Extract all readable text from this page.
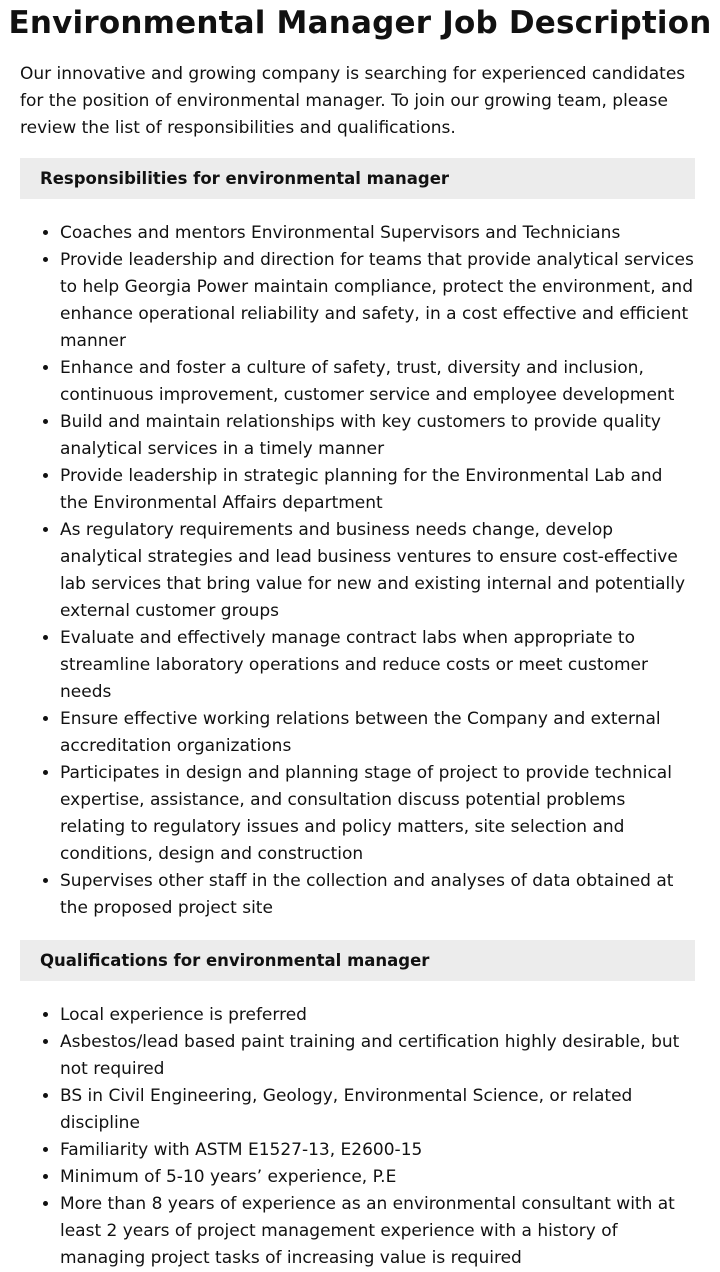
Environmental Manager Job Description

Our innovative and growing company is searching for experienced candidates for the position of environmental manager. To join our growing team, please review the list of responsibilities and qualifications.

Responsibilities for environmental manager
• Coaches and mentors Environmental Supervisors and Technicians
• Provide leadership and direction for teams that provide analytical services to help Georgia Power maintain compliance, protect the environment, and enhance operational reliability and safety, in a cost effective and efficient manner
• Enhance and foster a culture of safety, trust, diversity and inclusion, continuous improvement, customer service and employee development
• Build and maintain relationships with key customers to provide quality analytical services in a timely manner
• Provide leadership in strategic planning for the Environmental Lab and the Environmental Affairs department
• As regulatory requirements and business needs change, develop analytical strategies and lead business ventures to ensure cost-effective lab services that bring value for new and existing internal and potentially external customer groups
• Evaluate and effectively manage contract labs when appropriate to streamline laboratory operations and reduce costs or meet customer needs
• Ensure effective working relations between the Company and external accreditation organizations
• Participates in design and planning stage of project to provide technical expertise, assistance, and consultation discuss potential problems relating to regulatory issues and policy matters, site selection and conditions, design and construction
• Supervises other staff in the collection and analyses of data obtained at the proposed project site
Qualifications for environmental manager
• Local experience is preferred
• Asbestos/lead based paint training and certification highly desirable, but not required
• BS in Civil Engineering, Geology, Environmental Science, or related discipline
• Familiarity with ASTM E1527-13, E2600-15
• Minimum of 5-10 years’ experience, P.E
• More than 8 years of experience as an environmental consultant with at least 2 years of project management experience with a history of managing project tasks of increasing value is required
